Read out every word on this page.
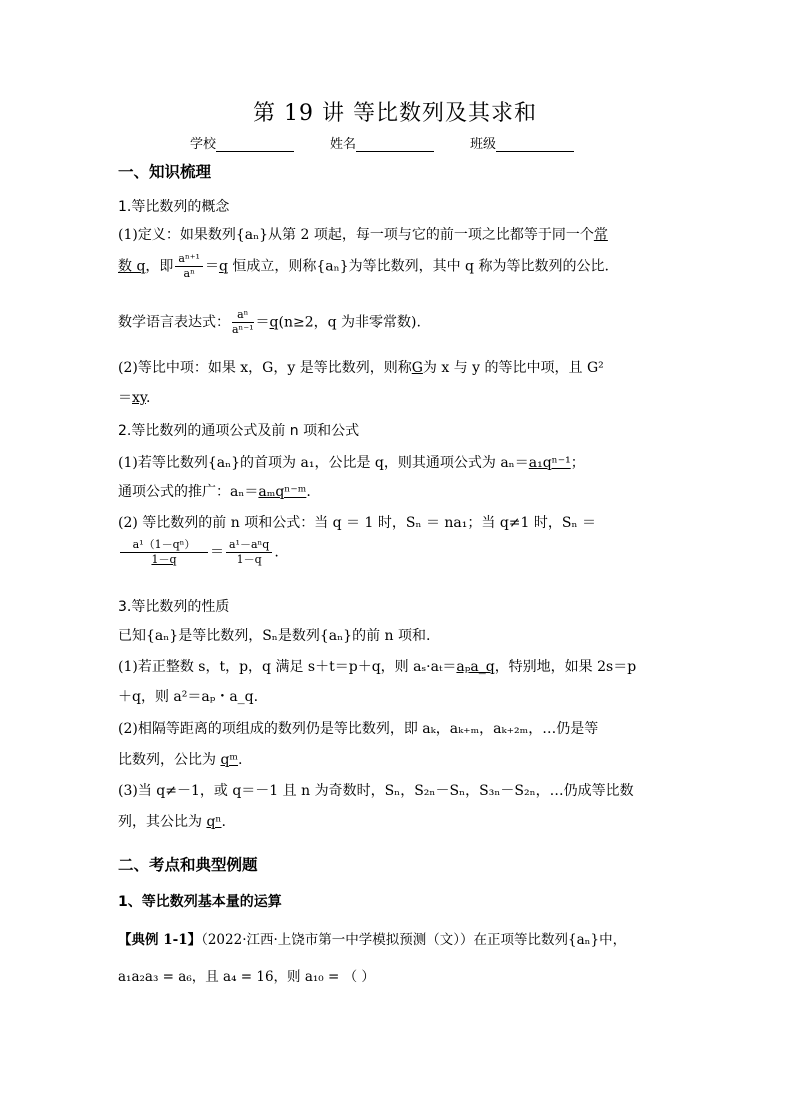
第 19 讲 等比数列及其求和
学校	姓名	班级
一、知识梳理
1.等比数列的概念
(1)定义：如果数列{aₙ}从第 2 项起，每一项与它的前一项之比都等于同一个常
数 q，即 $\frac{\text{aⁿ⁺¹}}{\text{aⁿ}} =q$ 恒成立，则称{aₙ}为等比数列，其中 q 称为等比数列的公比.
数学语言表达式： $\frac{\text{aⁿ}}{\text{aⁿ⁻¹}} =q(n\ge 2$，q 为非零常数).
(2)等比中项：如果 x，G，y 是等比数列，则称G为 x 与 y 的等比中项，且 G²
＝xy.
2.等比数列的通项公式及前 n 项和公式
(1)若等比数列{aₙ}的首项为 a₁，公比是 q，则其通项公式为 aₙ＝a₁qⁿ⁻¹；
通项公式的推广：aₙ＝aₘqⁿ⁻ᵐ.
(2) 等比数列的前 n 项和公式：当 q ＝ 1 时，Sₙ ＝ na₁；当 q≠1 时，Sₙ ＝
$\frac{\text{a¹（1－qⁿ）}}{1-q} = \frac{\text{a¹－aⁿq}}{1-q}$ .
3.等比数列的性质
已知{aₙ}是等比数列，Sₙ是数列{aₙ}的前 n 项和.
(1)若正整数 s，t，p，q 满足 s＋t＝p＋q，则 aₛ·aₜ＝aₚa_q，特别地，如果 2s＝p
＋q，则 a²＝aₚ・a_q.
(2)相隔等距离的项组成的数列仍是等比数列，即 aₖ，aₖ₊ₘ，aₖ₊₂ₘ，…仍是等
比数列，公比为 qᵐ.
(3)当 q≠－1，或 q＝－1 且 n 为奇数时，Sₙ，S₂ₙ－Sₙ，S₃ₙ－S₂ₙ，…仍成等比数
列，其公比为 qⁿ.
二、考点和典型例题
1、等比数列基本量的运算
【典例 1-1】（2022·江西·上饶市第一中学模拟预测（文））在正项等比数列{aₙ}中，
a₁a₂a₃ = a₆，且 a₄ = 16，则 a₁₀ = （ ）
